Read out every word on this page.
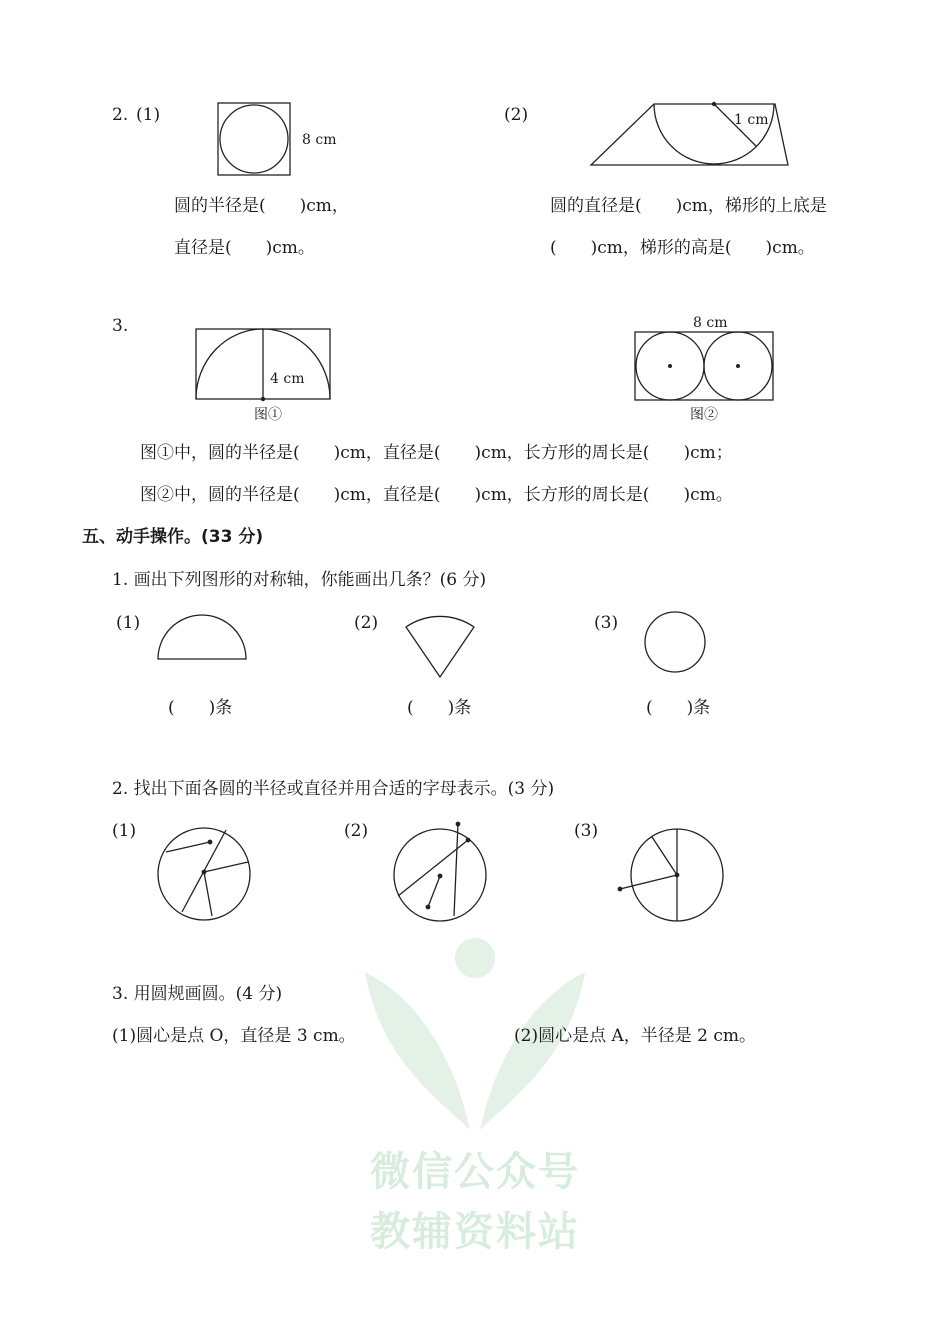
微信公众号
教辅资料站
2. (1)
8 cm
圆的半径是(　　)cm，
直径是(　　)cm。
(2)	1 cm
圆的直径是(　　)cm，梯形的上底是
(　　)cm，梯形的高是(　　)cm。
3.
4 cm
图①
8 cm
图②
图①中，圆的半径是(　　)cm，直径是(　　)cm，长方形的周长是(　　)cm；
图②中，圆的半径是(　　)cm，直径是(　　)cm，长方形的周长是(　　)cm。
五、动手操作。(33 分)
1. 画出下列图形的对称轴，你能画出几条？(6 分)
(1)
(　　)条
(2)
(　　)条
(3)
(　　)条
2. 找出下面各圆的半径或直径并用合适的字母表示。(3 分)
(1)	(2)	(3)
3. 用圆规画圆。(4 分)
(1)圆心是点 O，直径是 3 cm。	(2)圆心是点 A，半径是 2 cm。
